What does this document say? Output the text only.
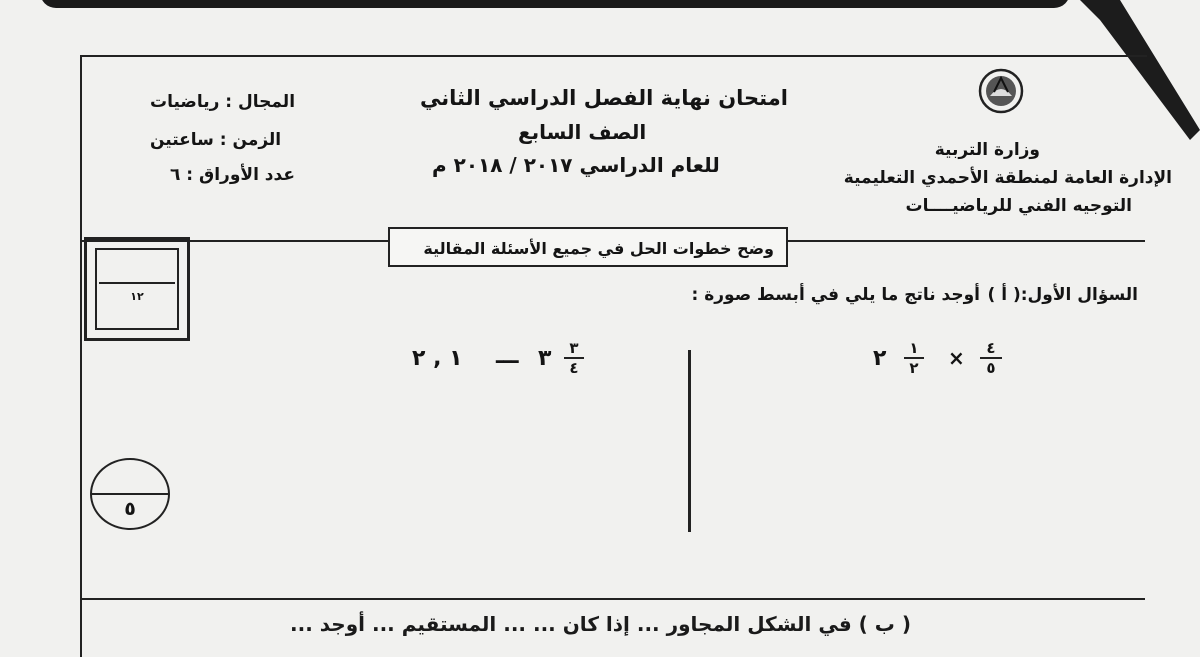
وزارة التربية
الإدارة العامة لمنطقة الأحمدي التعليمية
التوجيه الفني للرياضيــــات
امتحان نهاية الفصل الدراسي الثاني
الصف السابع
للعام الدراسي ٢٠١٧ / ٢٠١٨ م
المجال : رياضيات
الزمن : ساعتين
عدد الأوراق : ٦
وضح خطوات الحل في جميع الأسئلة المقالية
١٢
٥
السؤال الأول:( أ )
أوجد ناتج ما يلي في أبسط صورة :
٢	١
٢ ×	٤
٥
١ , ٢ ـــ ٣	٣
٤
( ب ) في الشكل المجاور ... إذا كان ... ... المستقيم ... أوجد ...
